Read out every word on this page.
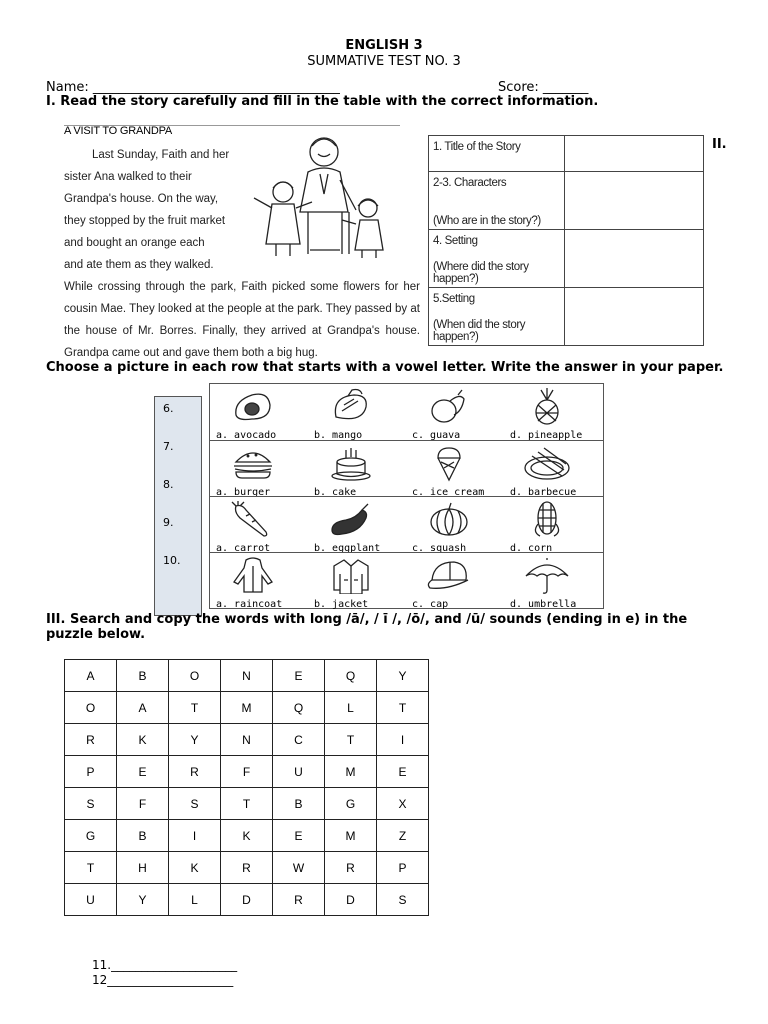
ENGLISH 3
SUMMATIVE TEST NO. 3
Name: ______________________________________	Score: _______
I. Read the story carefully and fill in the table with the correct information.
A VISIT TO GRANDPA

Last Sunday, Faith and her

sister Ana walked to their

Grandpa's house. On the way,

they stopped by the fruit market

and bought an orange each

and ate them as they walked.

While crossing through the park, Faith picked some flowers for her cousin Mae. They looked at the people at the park. They passed by at the house of Mr. Borres. Finally, they arrived at Grandpa's house. Grandpa came out and gave them both a big hug.

1. Title of the Story	

2-3. Characters
(Who are in the story?)	

4. Setting
(Where did the story happen?)	

5.Setting
(When did the story happen?)	

II.
Choose a picture in each row that starts with a vowel letter. Write the answer in your paper.
6.
7.
8.
9.
10.
a. avocado	b. mango	c. guava	d. pineapple
a. burger	b. cake	c. ice cream	d. barbecue
a. carrot	b. eggplant	c. squash	d. corn
a. raincoat	b. jacket	c. cap	d. umbrella
III. Search and copy the words with long /ā/, / ī /, /ō/, and /ū/ sounds (ending in e) in the puzzle below.
A	B	O	N	E	Q	Y
O	A	T	M	Q	L	T
R	K	Y	N	C	T	I
P	E	R	F	U	M	E
S	F	S	T	B	G	X
G	B	I	K	E	M	Z
T	H	K	R	W	R	P
U	Y	L	D	R	D	S
11._____________________
12_____________________
